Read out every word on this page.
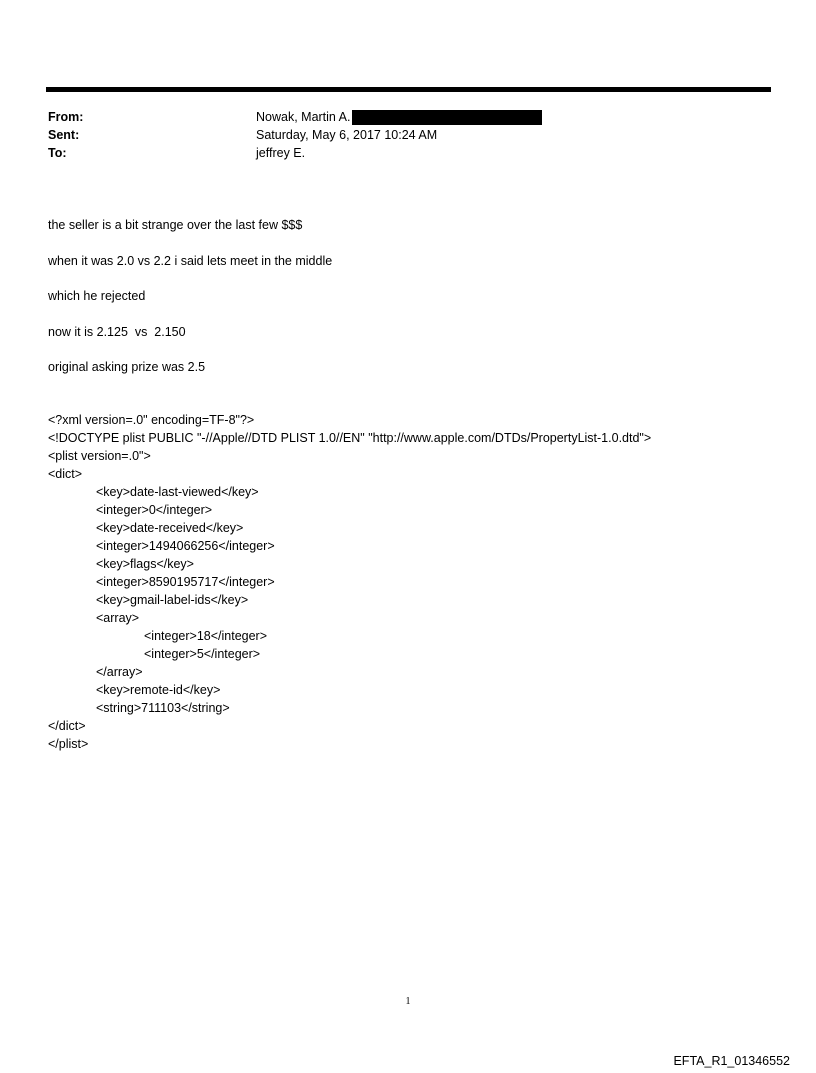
From:	Nowak, Martin A.
Sent:	Saturday, May 6, 2017 10:24 AM
To:	jeffrey E.
the seller is a bit strange over the last few $$$
when it was 2.0 vs 2.2 i said lets meet in the middle
which he rejected
now it is 2.125  vs  2.150
original asking prize was 2.5
<?xml version=.0" encoding=TF-8"?>
<!DOCTYPE plist PUBLIC "-//Apple//DTD PLIST 1.0//EN" "http://www.apple.com/DTDs/PropertyList-1.0.dtd">
<plist version=.0">
<dict>
<key>date-last-viewed</key>
<integer>0</integer>
<key>date-received</key>
<integer>1494066256</integer>
<key>flags</key>
<integer>8590195717</integer>
<key>gmail-label-ids</key>
<array>
<integer>18</integer>
<integer>5</integer>
</array>
<key>remote-id</key>
<string>711103</string>
</dict>
</plist>
1
EFTA_R1_01346552
